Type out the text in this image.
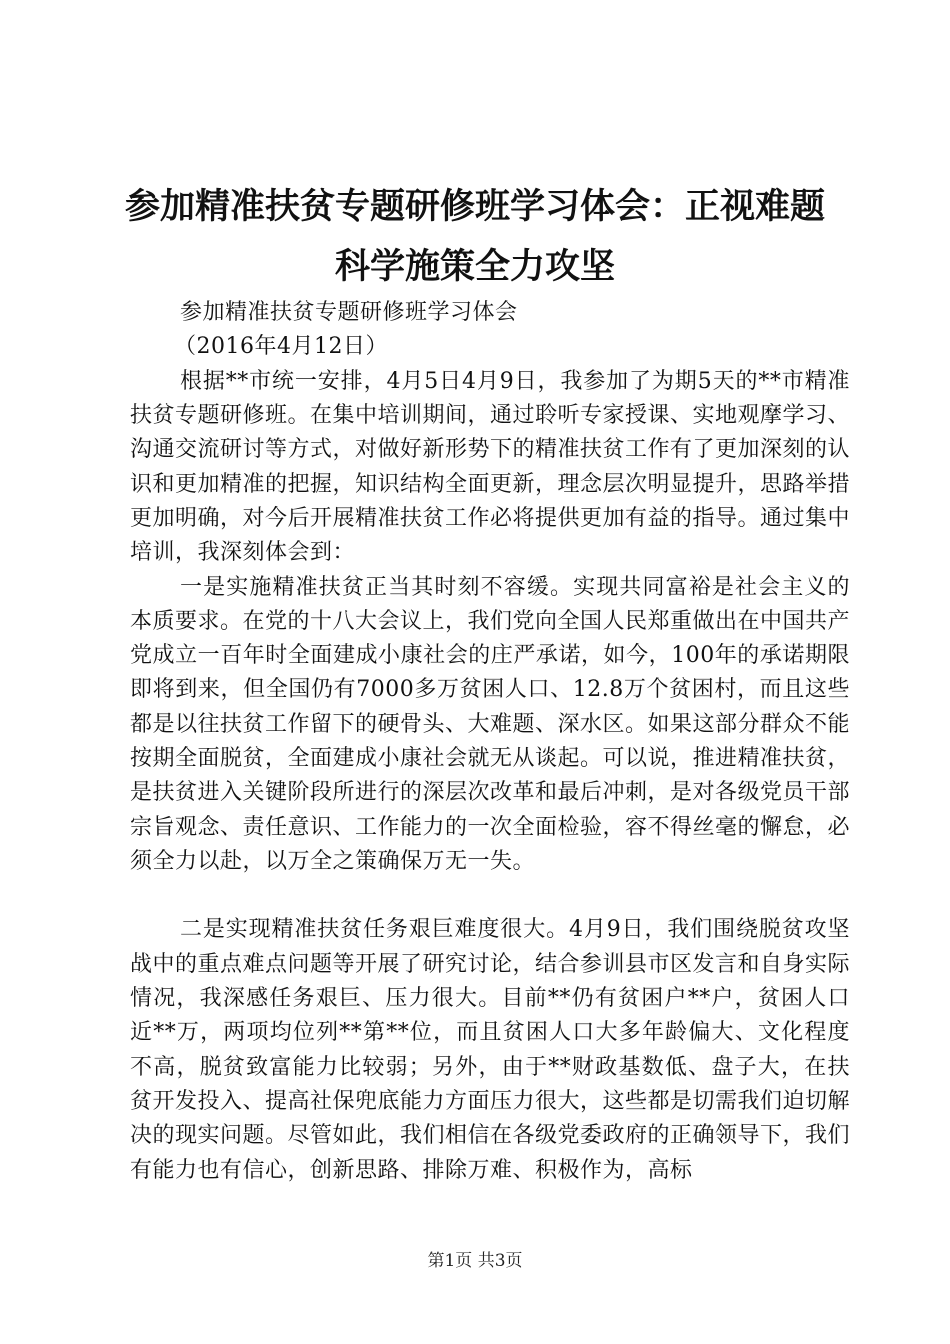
参加精准扶贫专题研修班学习体会：正视难题
科学施策全力攻坚

参加精准扶贫专题研修班学习体会

（2016年4月12日）

根据**市统一安排，4月5日4月9日，我参加了为期5天的**市精准扶贫专题研修班。在集中培训期间，通过聆听专家授课、实地观摩学习、沟通交流研讨等方式，对做好新形势下的精准扶贫工作有了更加深刻的认识和更加精准的把握，知识结构全面更新，理念层次明显提升，思路举措更加明确，对今后开展精准扶贫工作必将提供更加有益的指导。通过集中培训，我深刻体会到：

一是实施精准扶贫正当其时刻不容缓。实现共同富裕是社会主义的本质要求。在党的十八大会议上，我们党向全国人民郑重做出在中国共产党成立一百年时全面建成小康社会的庄严承诺，如今，100年的承诺期限即将到来，但全国仍有7000多万贫困人口、12.8万个贫困村，而且这些都是以往扶贫工作留下的硬骨头、大难题、深水区。如果这部分群众不能按期全面脱贫，全面建成小康社会就无从谈起。可以说，推进精准扶贫，是扶贫进入关键阶段所进行的深层次改革和最后冲刺，是对各级党员干部宗旨观念、责任意识、工作能力的一次全面检验，容不得丝毫的懈怠，必须全力以赴，以万全之策确保万无一失。

二是实现精准扶贫任务艰巨难度很大。4月9日，我们围绕脱贫攻坚战中的重点难点问题等开展了研究讨论，结合参训县市区发言和自身实际情况，我深感任务艰巨、压力很大。目前**仍有贫困户**户，贫困人口近**万，两项均位列**第**位，而且贫困人口大多年龄偏大、文化程度不高，脱贫致富能力比较弱；另外，由于**财政基数低、盘子大，在扶贫开发投入、提高社保兜底能力方面压力很大，这些都是切需我们迫切解决的现实问题。尽管如此，我们相信在各级党委政府的正确领导下，我们有能力也有信心，创新思路、排除万难、积极作为，高标

第1页 共3页
